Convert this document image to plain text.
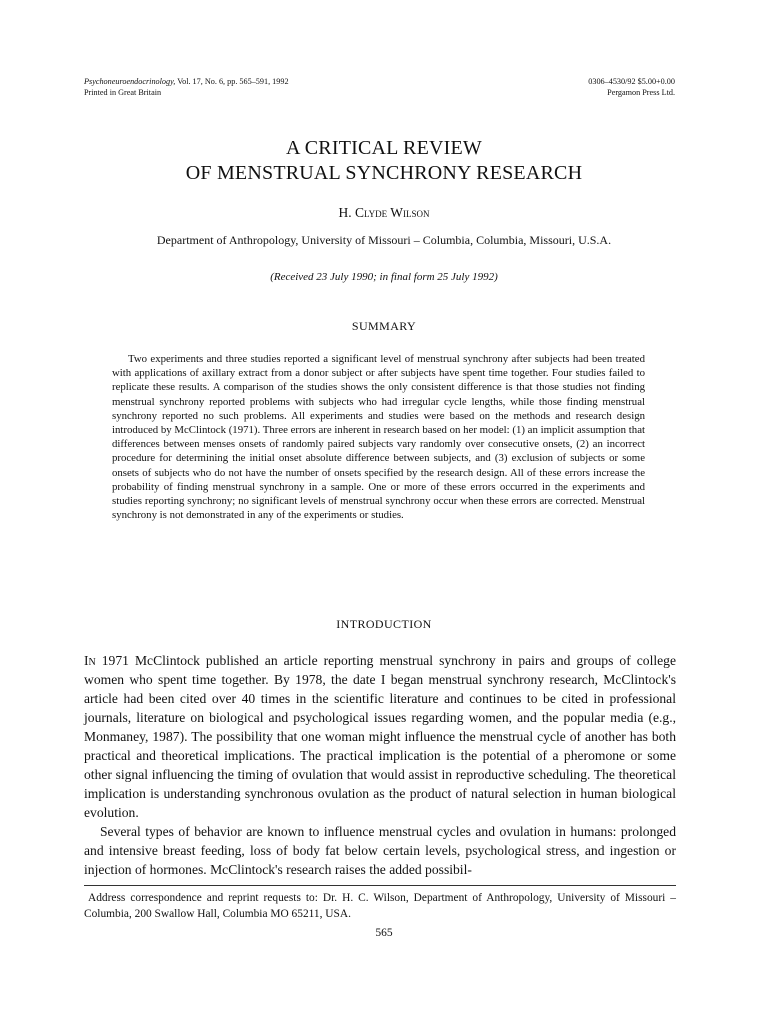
Psychoneuroendocrinology, Vol. 17, No. 6, pp. 565–591, 1992
Printed in Great Britain
0306–4530/92 $5.00+0.00
Pergamon Press Ltd.
A CRITICAL REVIEW
OF MENSTRUAL SYNCHRONY RESEARCH
H. Clyde Wilson
Department of Anthropology, University of Missouri – Columbia, Columbia, Missouri, U.S.A.
(Received 23 July 1990; in final form 25 July 1992)
SUMMARY

Two experiments and three studies reported a significant level of menstrual synchrony after subjects had been treated with applications of axillary extract from a donor subject or after subjects have spent time together. Four studies failed to replicate these results. A comparison of the studies shows the only consistent difference is that those studies not finding menstrual synchrony reported problems with subjects who had irregular cycle lengths, while those finding menstrual synchrony reported no such problems. All experiments and studies were based on the methods and research design introduced by McClintock (1971). Three errors are inherent in research based on her model: (1) an implicit assumption that differences between menses onsets of randomly paired subjects vary randomly over consecutive onsets, (2) an incorrect procedure for determining the initial onset absolute difference between subjects, and (3) exclusion of subjects or some onsets of subjects who do not have the number of onsets specified by the research design. All of these errors increase the probability of finding menstrual synchrony in a sample. One or more of these errors occurred in the experiments and studies reporting synchrony; no significant levels of menstrual synchrony occur when these errors are corrected. Menstrual synchrony is not demonstrated in any of the experiments or studies.

INTRODUCTION

In 1971 McClintock published an article reporting menstrual synchrony in pairs and groups of college women who spent time together. By 1978, the date I began menstrual synchrony research, McClintock's article had been cited over 40 times in the scientific literature and continues to be cited in professional journals, literature on biological and psychological issues regarding women, and the popular media (e.g., Monmaney, 1987). The possibility that one woman might influence the menstrual cycle of another has both practical and theoretical implications. The practical implication is the potential of a pheromone or some other signal influencing the timing of ovulation that would assist in reproductive scheduling. The theoretical implication is understanding synchronous ovulation as the product of natural selection in human biological evolution.

Several types of behavior are known to influence menstrual cycles and ovulation in humans: prolonged and intensive breast feeding, loss of body fat below certain levels, psychological stress, and ingestion or injection of hormones. McClintock's research raises the added possibil-

Address correspondence and reprint requests to: Dr. H. C. Wilson, Department of Anthropology, University of Missouri – Columbia, 200 Swallow Hall, Columbia MO 65211, USA.

565
